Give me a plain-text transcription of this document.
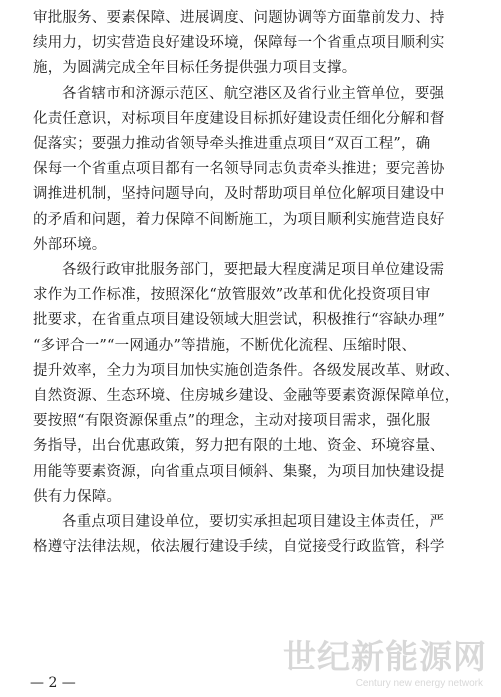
审批服务、要素保障、进展调度、问题协调等方面靠前发力、持
续用力，切实营造良好建设环境，保障每一个省重点项目顺利实
施，为圆满完成全年目标任务提供强力项目支撑。
各省辖市和济源示范区、航空港区及省行业主管单位，要强
化责任意识，对标项目年度建设目标抓好建设责任细化分解和督
促落实；要强力推动省领导牵头推进重点项目“双百工程”，确
保每一个省重点项目都有一名领导同志负责牵头推进；要完善协
调推进机制，坚持问题导向，及时帮助项目单位化解项目建设中
的矛盾和问题，着力保障不间断施工，为项目顺利实施营造良好
外部环境。
各级行政审批服务部门，要把最大程度满足项目单位建设需
求作为工作标准，按照深化“放管服效”改革和优化投资项目审
批要求，在省重点项目建设领域大胆尝试，积极推行“容缺办理”
“多评合一”“一网通办”等措施，不断优化流程、压缩时限、
提升效率，全力为项目加快实施创造条件。各级发展改革、财政、
自然资源、生态环境、住房城乡建设、金融等要素资源保障单位，
要按照“有限资源保重点”的理念，主动对接项目需求，强化服
务指导，出台优惠政策，努力把有限的土地、资金、环境容量、
用能等要素资源，向省重点项目倾斜、集聚，为项目加快建设提
供有力保障。
各重点项目建设单位，要切实承担起项目建设主体责任，严
格遵守法律法规，依法履行建设手续，自觉接受行政监管，科学
— 2 —
世纪新能源网
Century new energy network
